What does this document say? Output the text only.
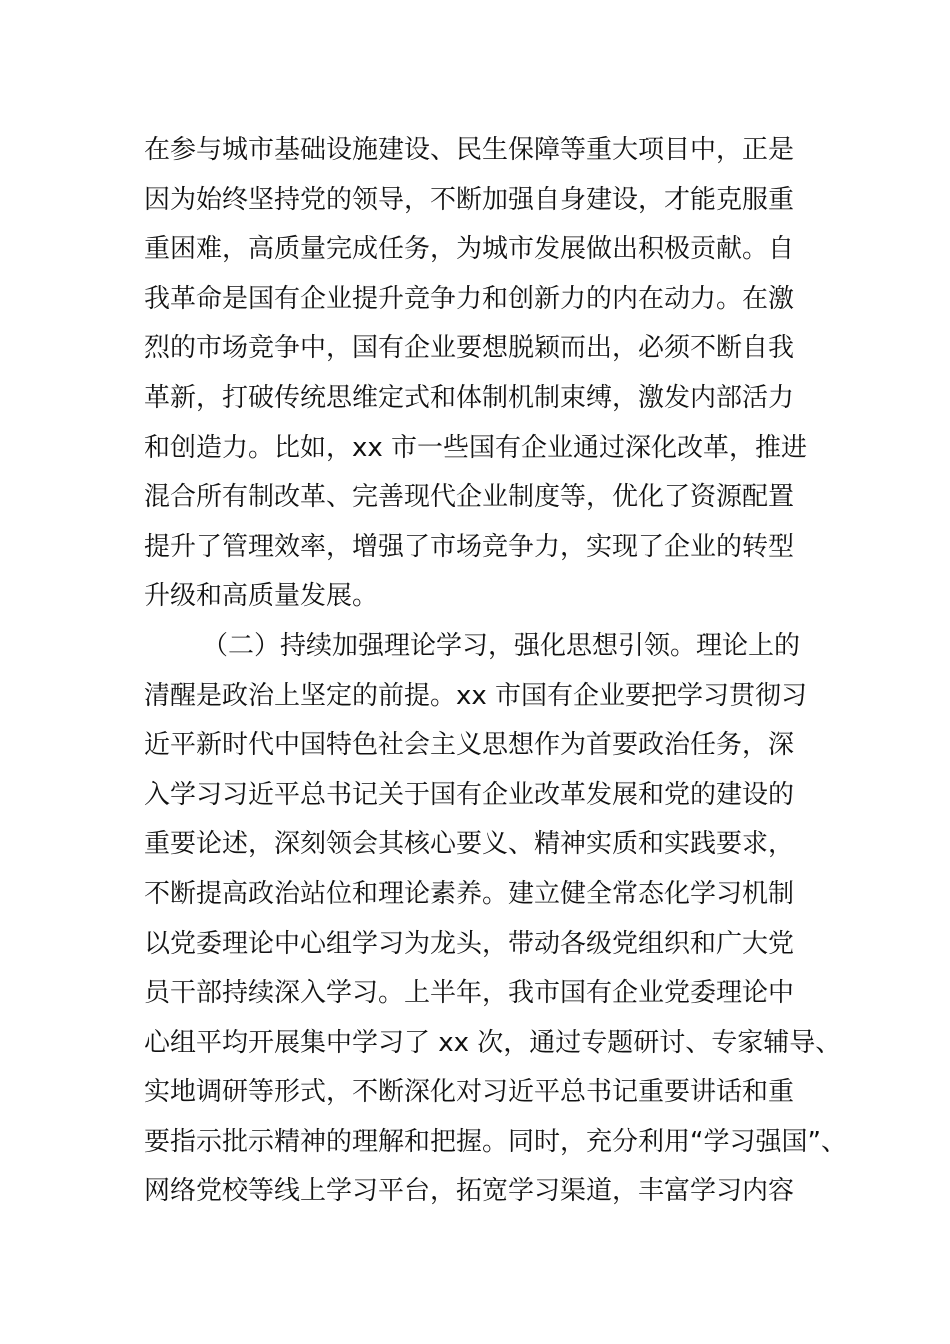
在参与城市基础设施建设、民生保障等重大项目中，正是
因为始终坚持党的领导，不断加强自身建设，才能克服重
重困难，高质量完成任务，为城市发展做出积极贡献。自
我革命是国有企业提升竞争力和创新力的内在动力。在激
烈的市场竞争中，国有企业要想脱颖而出，必须不断自我
革新，打破传统思维定式和体制机制束缚，激发内部活力
和创造力。比如，xx 市一些国有企业通过深化改革，推进
混合所有制改革、完善现代企业制度等，优化了资源配置
提升了管理效率，增强了市场竞争力，实现了企业的转型
升级和高质量发展。
（二）持续加强理论学习，强化思想引领。理论上的
清醒是政治上坚定的前提。xx 市国有企业要把学习贯彻习
近平新时代中国特色社会主义思想作为首要政治任务，深
入学习习近平总书记关于国有企业改革发展和党的建设的
重要论述，深刻领会其核心要义、精神实质和实践要求，
不断提高政治站位和理论素养。建立健全常态化学习机制
以党委理论中心组学习为龙头，带动各级党组织和广大党
员干部持续深入学习。上半年，我市国有企业党委理论中
心组平均开展集中学习了 xx 次，通过专题研讨、专家辅导、
实地调研等形式，不断深化对习近平总书记重要讲话和重
要指示批示精神的理解和把握。同时，充分利用“学习强国”、
网络党校等线上学习平台，拓宽学习渠道，丰富学习内容
